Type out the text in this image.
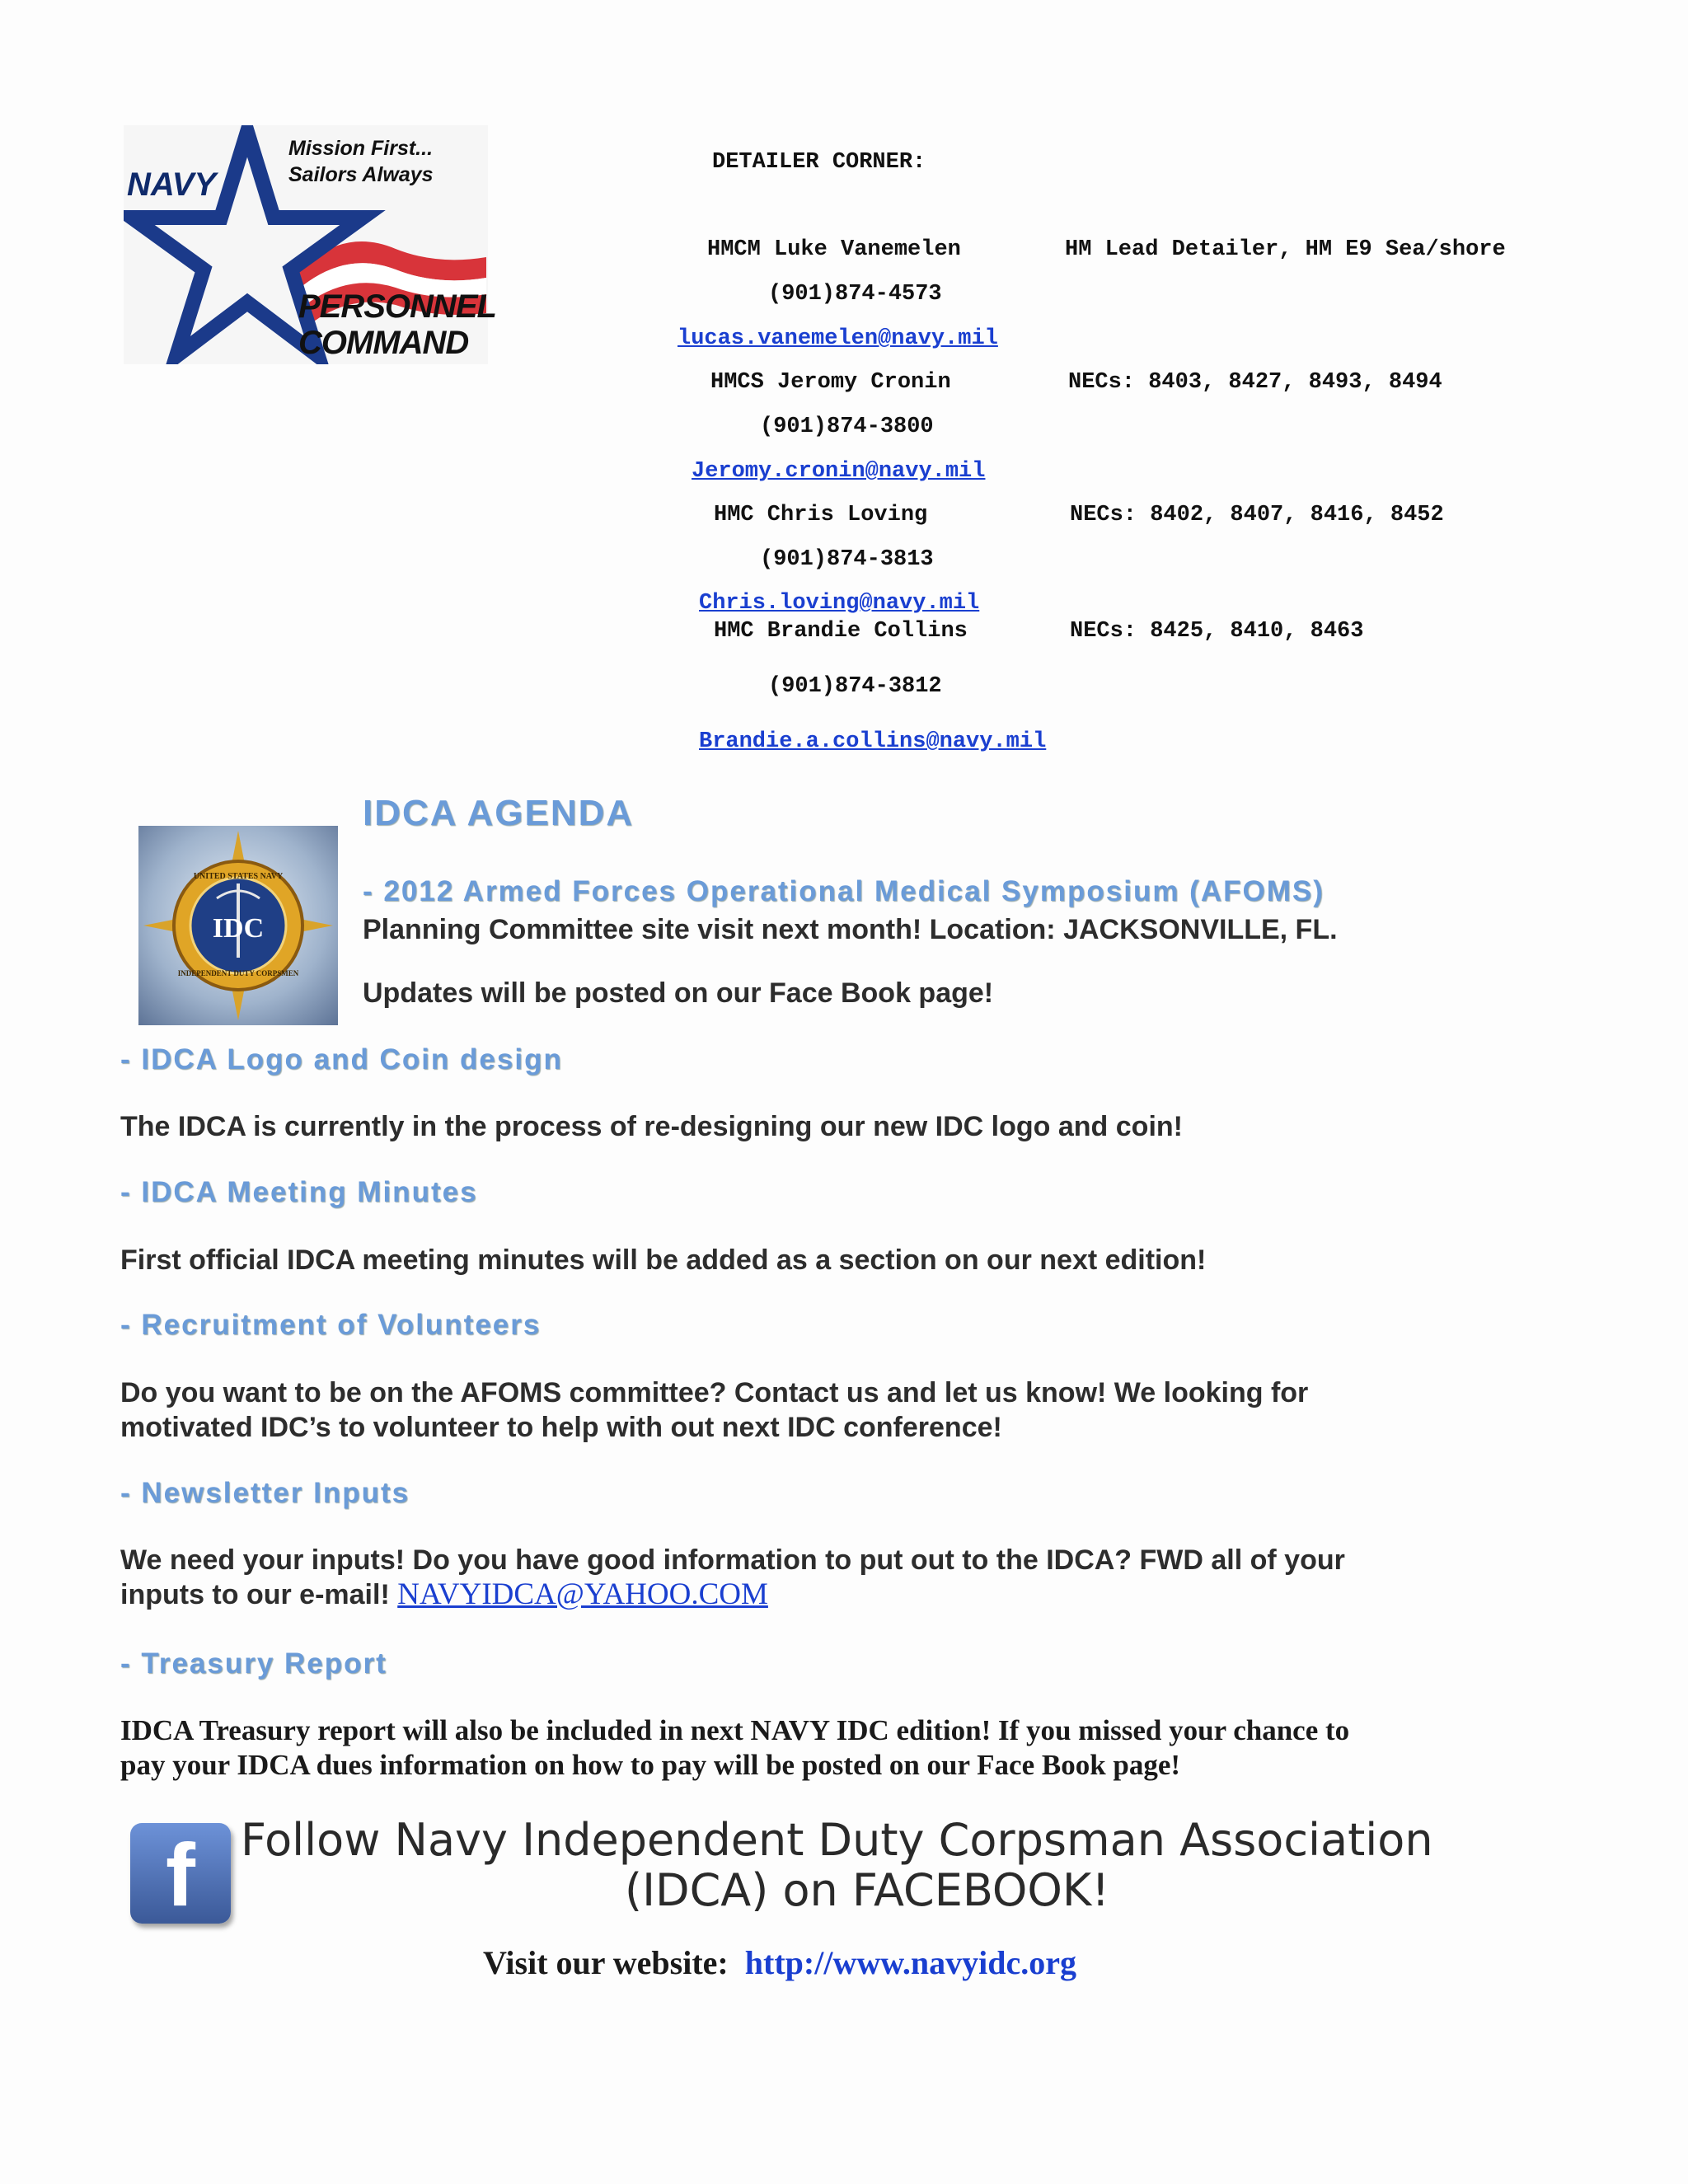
NAVY
Mission First...
Sailors Always
PERSONNEL
COMMAND
DETAILER CORNER:
HMCM Luke Vanemelen	HM Lead Detailer, HM E9 Sea/shore
(901)874-4573
lucas.vanemelen@navy.mil
HMCS Jeromy Cronin	NECs: 8403, 8427, 8493, 8494
(901)874-3800
Jeromy.cronin@navy.mil
HMC Chris Loving	NECs: 8402, 8407, 8416, 8452
(901)874-3813
Chris.loving@navy.mil
HMC Brandie Collins	NECs: 8425, 8410, 8463
(901)874-3812
Brandie.a.collins@navy.mil
IDC
UNITED STATES NAVY
INDEPENDENT DUTY CORPSMEN
IDCA AGENDA
- 2012 Armed Forces Operational Medical Symposium (AFOMS)
Planning Committee site visit next month! Location: JACKSONVILLE, FL.
Updates will be posted on our Face Book page!
- IDCA Logo and Coin design
The IDCA is currently in the process of re-designing our new IDC logo and coin!
- IDCA Meeting Minutes
First official IDCA meeting minutes will be added as a section on our next edition!
- Recruitment of Volunteers
Do you want to be on the AFOMS committee? Contact us and let us know! We looking for
motivated IDC’s to volunteer to help with out next IDC conference!
- Newsletter Inputs
We need your inputs! Do you have good information to put out to the IDCA? FWD all of your
inputs to our e-mail! NAVYIDCA@YAHOO.COM
- Treasury Report
IDCA Treasury report will also be included in next NAVY IDC edition! If you missed your chance to
pay your IDCA dues information on how to pay will be posted on our Face Book page!
f	Follow Navy Independent Duty Corpsman Association
(IDCA) on FACEBOOK!
Visit our website: http://www.navyidc.org
